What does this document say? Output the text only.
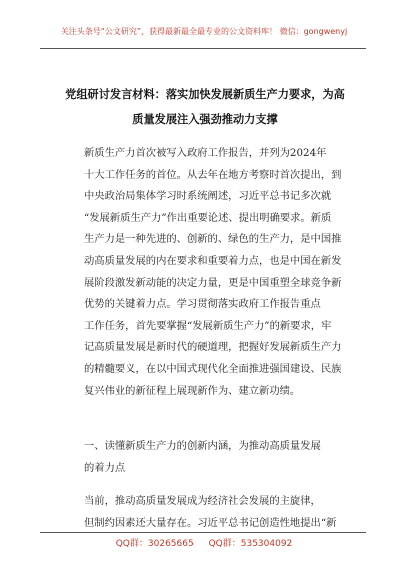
关注头条号“公文研究”，获得最新最全最专业的公文资料库！ 微信：gongwenyj
党组研讨发言材料：落实加快发展新质生产力要求，为高
质量发展注入强劲推动力支撑
新质生产力首次被写入政府工作报告，并列为2024年
十大工作任务的首位。从去年在地方考察时首次提出，到
中央政治局集体学习时系统阐述，习近平总书记多次就
“发展新质生产力”作出重要论述、提出明确要求。新质
生产力是一种先进的、创新的、绿色的生产力，是中国推
动高质量发展的内在要求和重要着力点，也是中国在新发
展阶段激发新动能的决定力量，更是中国重塑全球竞争新
优势的关键着力点。学习贯彻落实政府工作报告重点
工作任务，首先要掌握“发展新质生产力”的新要求，牢
记高质量发展是新时代的硬道理，把握好发展新质生产力
的精髓要义，在以中国式现代化全面推进强国建设、民族
复兴伟业的新征程上展现新作为、建立新功绩。
一、读懂新质生产力的创新内涵，为推动高质量发展
的着力点
当前，推动高质量发展成为经济社会发展的主旋律，
但制约因素还大量存在。习近平总书记创造性地提出“新
QQ群：30265665 QQ群：535304092
